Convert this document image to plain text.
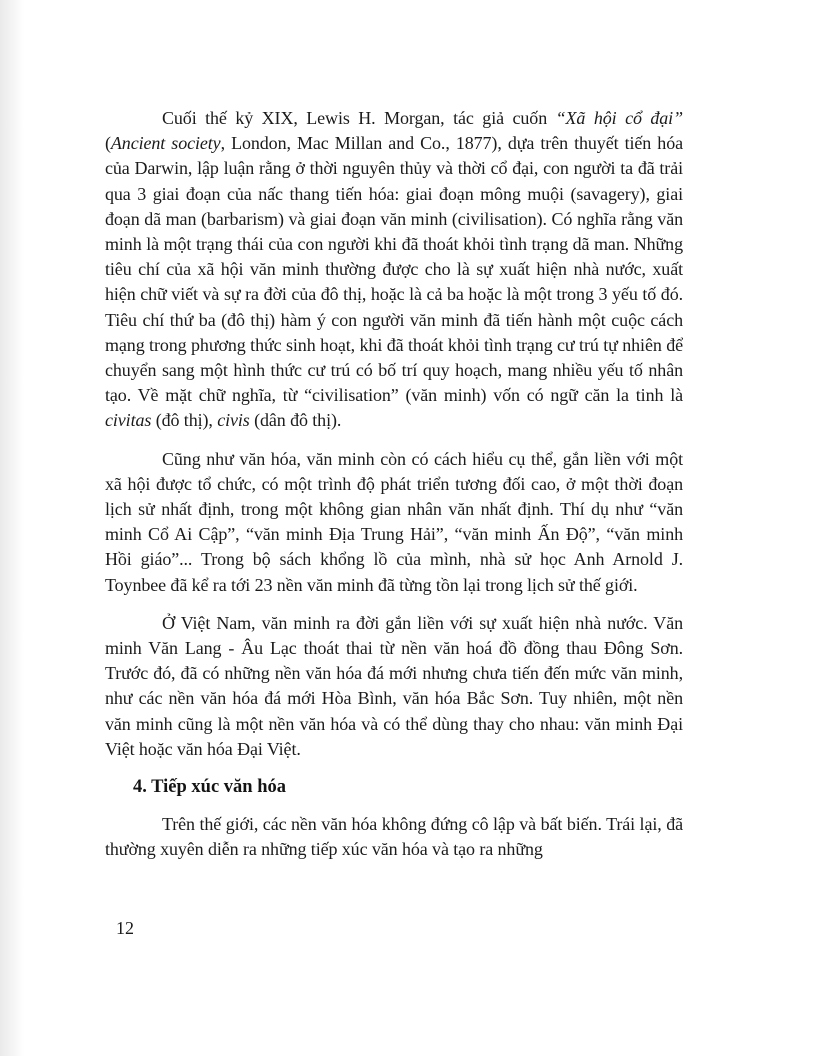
Cuối thế kỷ XIX, Lewis H. Morgan, tác giả cuốn “Xã hội cổ đại” (Ancient society, London, Mac Millan and Co., 1877), dựa trên thuyết tiến hóa của Darwin, lập luận rằng ở thời nguyên thủy và thời cổ đại, con người ta đã trải qua 3 giai đoạn của nấc thang tiến hóa: giai đoạn mông muội (savagery), giai đoạn dã man (barbarism) và giai đoạn văn minh (civilisation). Có nghĩa rằng văn minh là một trạng thái của con người khi đã thoát khỏi tình trạng dã man. Những tiêu chí của xã hội văn minh thường được cho là sự xuất hiện nhà nước, xuất hiện chữ viết và sự ra đời của đô thị, hoặc là cả ba hoặc là một trong 3 yếu tố đó. Tiêu chí thứ ba (đô thị) hàm ý con người văn minh đã tiến hành một cuộc cách mạng trong phương thức sinh hoạt, khi đã thoát khỏi tình trạng cư trú tự nhiên để chuyển sang một hình thức cư trú có bố trí quy hoạch, mang nhiều yếu tố nhân tạo. Về mặt chữ nghĩa, từ “civilisation” (văn minh) vốn có ngữ căn la tinh là civitas (đô thị), civis (dân đô thị).

Cũng như văn hóa, văn minh còn có cách hiểu cụ thể, gắn liền với một xã hội được tổ chức, có một trình độ phát triển tương đối cao, ở một thời đoạn lịch sử nhất định, trong một không gian nhân văn nhất định. Thí dụ như “văn minh Cổ Ai Cập”, “văn minh Địa Trung Hải”, “văn minh Ấn Độ”, “văn minh Hồi giáo”... Trong bộ sách khổng lồ của mình, nhà sử học Anh Arnold J. Toynbee đã kể ra tới 23 nền văn minh đã từng tồn lại trong lịch sử thế giới.

Ở Việt Nam, văn minh ra đời gắn liền với sự xuất hiện nhà nước. Văn minh Văn Lang - Âu Lạc thoát thai từ nền văn hoá đồ đồng thau Đông Sơn. Trước đó, đã có những nền văn hóa đá mới nhưng chưa tiến đến mức văn minh, như các nền văn hóa đá mới Hòa Bình, văn hóa Bắc Sơn. Tuy nhiên, một nền văn minh cũng là một nền văn hóa và có thể dùng thay cho nhau: văn minh Đại Việt hoặc văn hóa Đại Việt.

4. Tiếp xúc văn hóa

Trên thế giới, các nền văn hóa không đứng cô lập và bất biến. Trái lại, đã thường xuyên diễn ra những tiếp xúc văn hóa và tạo ra những

12
